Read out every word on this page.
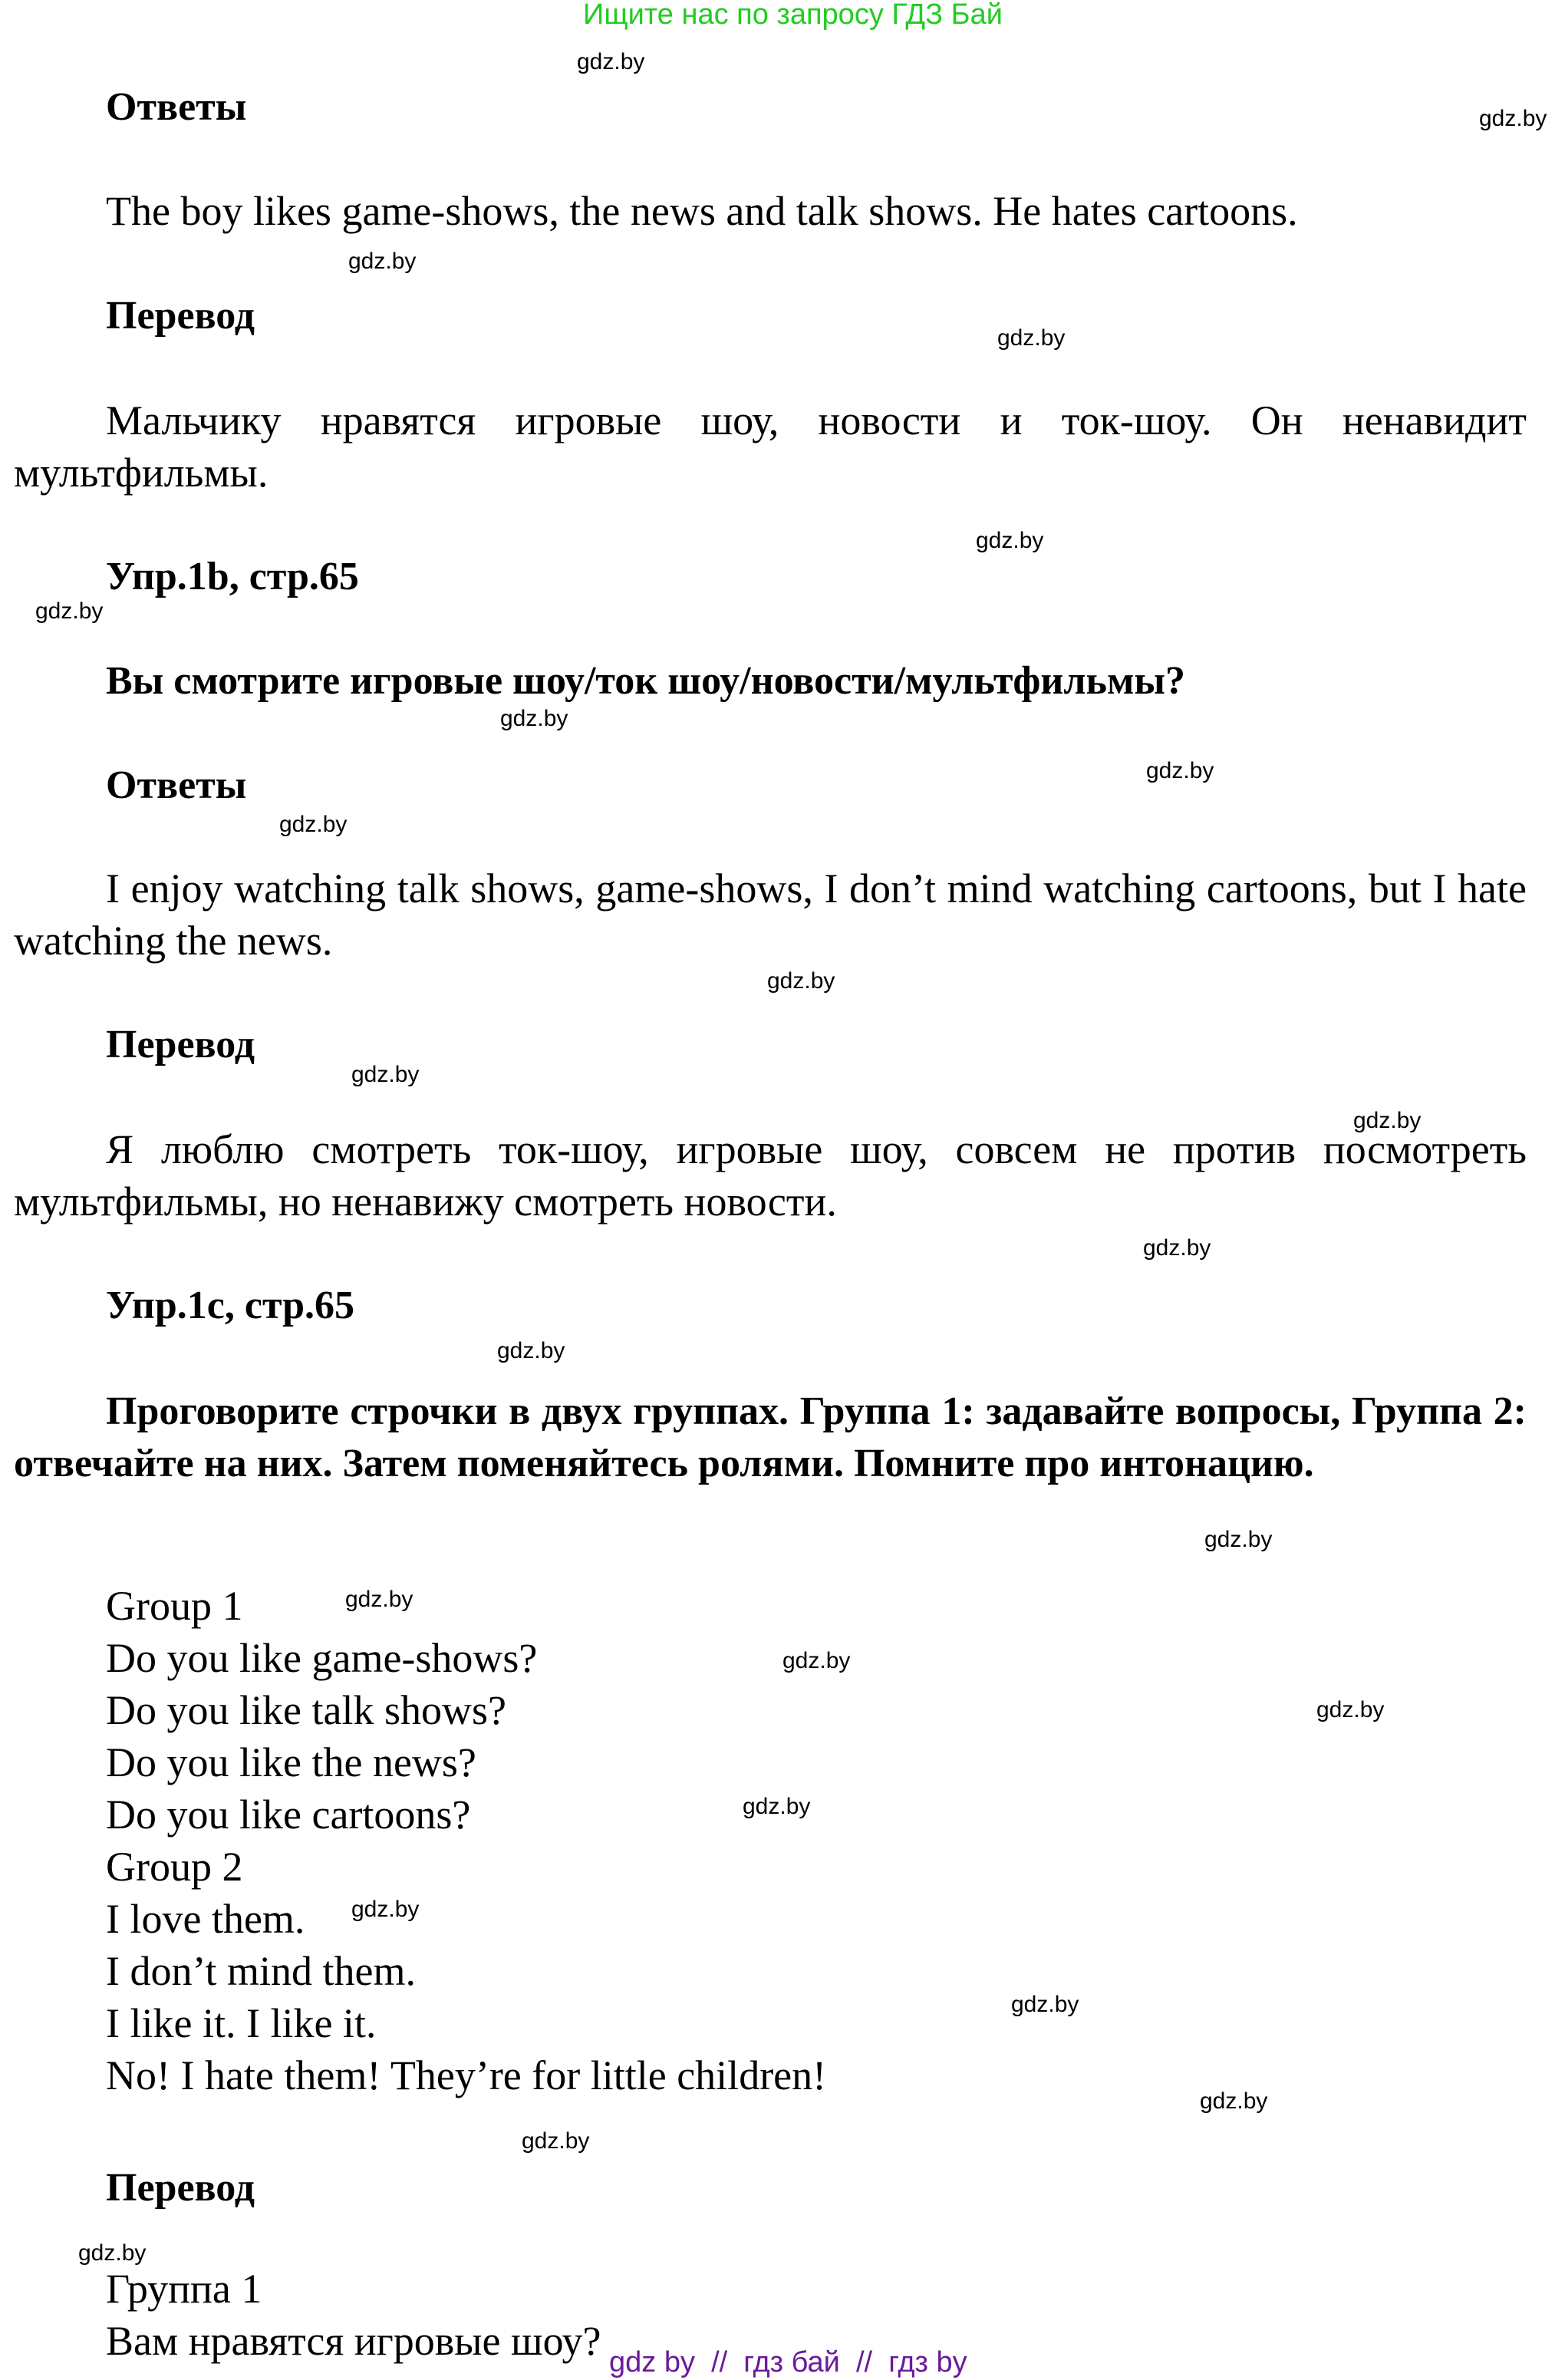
Ищите нас по запросу ГДЗ Бай
Ответы
The boy likes game-shows, the news and talk shows. He hates cartoons.
Перевод
Мальчику нравятся игровые шоу, новости и ток-шоу. Он ненавидит мультфильмы.
Упр.1b, стр.65
Вы смотрите игровые шоу/ток шоу/новости/мультфильмы?
Ответы
I enjoy watching talk shows, game-shows, I don’t mind watching cartoons, but I hate watching the news.
Перевод
Я люблю смотреть ток-шоу, игровые шоу, совсем не против посмотреть мультфильмы, но ненавижу смотреть новости.
Упр.1c, стр.65
Проговорите строчки в двух группах. Группа 1: задавайте вопросы, Группа 2: отвечайте на них. Затем поменяйтесь ролями. Помните про интонацию.
Group 1
Do you like game-shows?
Do you like talk shows?
Do you like the news?
Do you like cartoons?
Group 2
I love them.
I don’t mind them.
I like it. I like it.
No! I hate them! They’re for little children!
Перевод
Группа 1
Вам нравятся игровые шоу?
gdz.by
gdz.by
gdz.by
gdz.by
gdz.by
gdz.by
gdz.by
gdz.by
gdz.by
gdz.by
gdz.by
gdz.by
gdz.by
gdz.by
gdz.by
gdz.by
gdz.by
gdz.by
gdz.by
gdz.by
gdz.by
gdz.by
gdz.by
gdz.by
gdz by  //  гдз бай  //  гдз by
